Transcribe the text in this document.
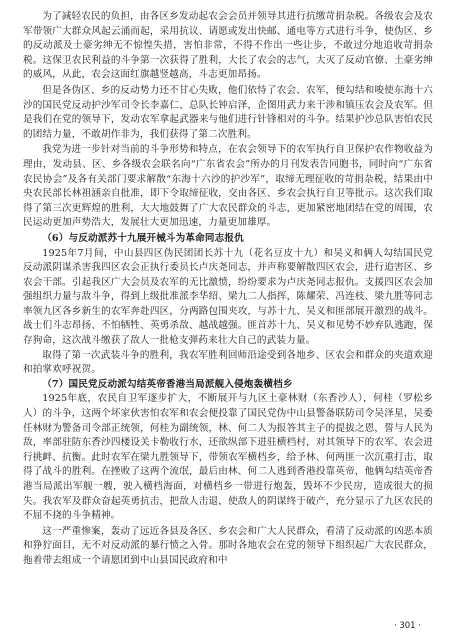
为了减轻农民的负担，由各区乡发动起农会会员并领导其进行抗缴苛捐杂税。各级农会及农军带领广大群众风起云涌而起，采用抗议、请愿或发出快邮、通电等方式进行斗争，使伪区、乡的反动派及土豪劣绅无不惊惶失措，害怕非常，不得不作出一些让步，不敢过分地追收苛捐杂税。这保卫农民利益的斗争第一次获得了胜利，大长了农会的志气，大灭了反动官僚、土豪劣绅的威风，从此，农会这面红旗越竖越高，斗志更加昂扬。

但是各伪区、乡的反动势力还不甘心失败，他们依恃了农会、农军，便勾结和唆使东海十六沙的国民党反动护沙军司令长李嘉仁、总队长钟启泽，企图用武力来干涉和镇压农会及农军。但是我们在党的领导下，发动农军拿起武器来与他们进行针锋相对的斗争。结果护沙总队害怕农民的团结力量，不敢胡作非为，我们获得了第二次胜利。

我党为进一步针对当前的斗争形势和特点，在农会领导下的农军执行自卫保护农作物收益为理由，发动县、区、乡各级农会联名向“广东省农会”所办的月刊发表告同胞书，同时向“广东省农民协会”及各有关部门要求解散“东海十六沙的护沙军”，取缔无理征收的苛捐杂税，结果由中央农民部长林祖涵亲自批准，即下令取缔征收，交由各区、乡农会执行自卫等批示。这次我们取得了第三次更辉煌的胜利，大大地鼓舞了广大农民群众的斗志，更加紧密地团结在党的周围，农民运动更加声势浩大，发展壮大更加迅速，力量更加雄厚。

（6）与反动派苏十九展开械斗为革命同志报仇

1925年7月间，中山县四区伪民团团长苏十九（花名豆皮十九）和吴义和俩人勾结国民党反动派阴谋杀害我四区农会正执行委员长卢庆尧同志，并声称要解散四区农会，进行追害区、乡农会干部。引起我区广大会员及农军的无比激愤，纷纷要求为卢庆尧同志报仇。支援四区农会加强组织力量与敌斗争，得到上级批准派李华绍、梁九二人指挥，陈耀荣、冯连枝、梁九胜等同志率领九区各乡新生的农军奔赴四区，分两路包围夹攻，与苏十九、吴义和匪部展开激烈的战斗。战士们斗志昂扬、不怕牺牲、英勇杀敌、越战越强。匪首苏十九、吴义和见势不妙弃队逃跑，保存狗命，这次战斗缴获了敌人一批枪支弹药来壮大自己的武装力量。

取得了第一次武装斗争的胜利，我农军胜利回师沿途受到各地乡、区农会和群众的夹道欢迎和拍掌欢呼祝贺。

（7）国民党反动派勾结英帝香港当局派舰入侵炮轰横档乡

1925年底，农民自卫军逐步扩大，不断展开与九区土豪林财（东香沙人），何桂（罗松乡人）的斗争，这两个坏家伙害怕农军和农会便投靠了国民党伪中山县警备联防司令吴泽星，吴委任林财为警备司令部正统领，何桂为副统领，林、何二人为报答其主子的提拔之恩，誓与人民为敌，率部驻防东香沙四楼设关卡勒收行水，还欲纵部下进驻横档村，对其领导下的农军、农会进行挑衅、抗衡。此时农军在梁九胜领导下，带领农军横档乡，给予林、何两匪一次沉重打击，取得了战斗的胜利。在挫败了这两个流氓，最后由林、何二人逃到香港投靠英帝，他俩勾结英帝香港当局派出军舰一艘，驶入横档海面，对横档乡一带进行炮轰，毁坏不少民房，造成很大的损失。我农军及群众奋起英勇抗击，把敌人击退，使敌人的阴谋终于破产，充分显示了九区农民的不屈不挠的斗争精神。

这一严重惨案，轰动了远近各县及各区、乡农会和广大人民群众，看清了反动派的凶恶本质和狰狞面目，无不对反动派的暴行愤之入骨。那时各地农会在党的领导下组织起广大农民群众，拖着带去组成一个请愿团到中山县国民政府和中

· 301 ·
